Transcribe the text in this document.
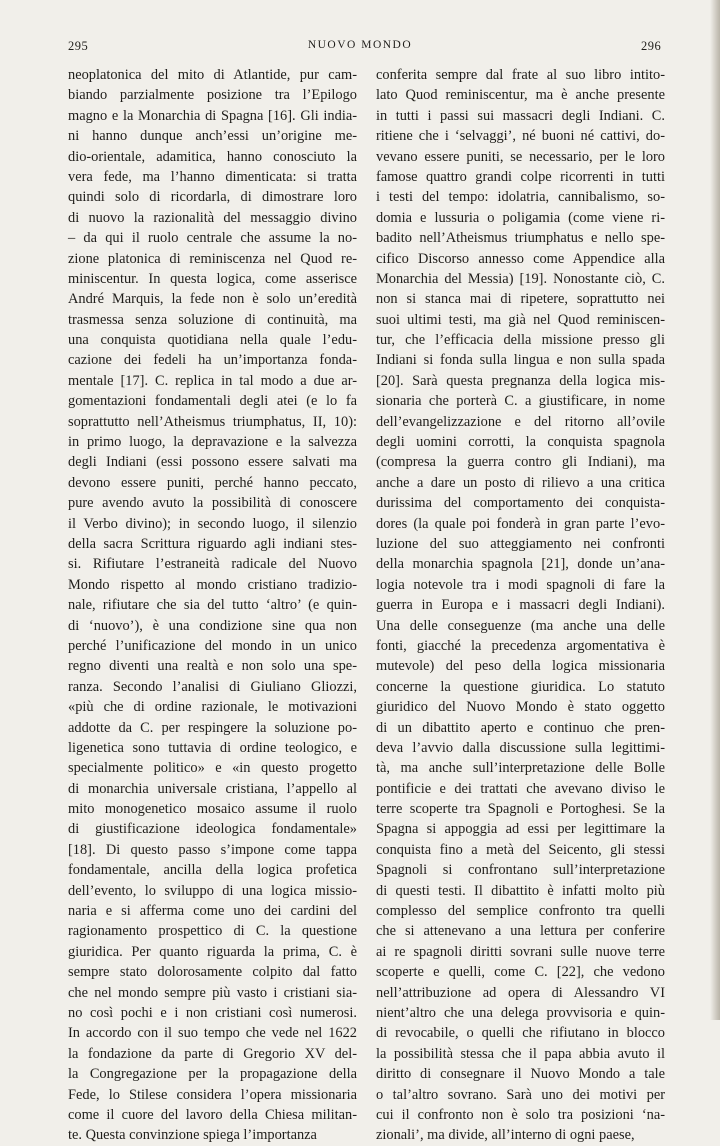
295	NUOVO MONDO	296
neoplatonica del mito di Atlantide, pur cam-
biando parzialmente posizione tra l’Epilogo
magno e la Monarchia di Spagna [16]. Gli india-
ni hanno dunque anch’essi un’origine me-
dio-orientale, adamitica, hanno conosciuto la
vera fede, ma l’hanno dimenticata: si tratta
quindi solo di ricordarla, di dimostrare loro
di nuovo la razionalità del messaggio divino
– da qui il ruolo centrale che assume la no-
zione platonica di reminiscenza nel Quod re-
miniscentur. In questa logica, come asserisce
André Marquis, la fede non è solo un’eredità
trasmessa senza soluzione di continuità, ma
una conquista quotidiana nella quale l’edu-
cazione dei fedeli ha un’importanza fonda-
mentale [17]. C. replica in tal modo a due ar-
gomentazioni fondamentali degli atei (e lo fa
soprattutto nell’Atheismus triumphatus, II, 10):
in primo luogo, la depravazione e la salvezza
degli Indiani (essi possono essere salvati ma
devono essere puniti, perché hanno peccato,
pure avendo avuto la possibilità di conoscere
il Verbo divino); in secondo luogo, il silenzio
della sacra Scrittura riguardo agli indiani stes-
si. Rifiutare l’estraneità radicale del Nuovo
Mondo rispetto al mondo cristiano tradizio-
nale, rifiutare che sia del tutto ‘altro’ (e quin-
di ‘nuovo’), è una condizione sine qua non
perché l’unificazione del mondo in un unico
regno diventi una realtà e non solo una spe-
ranza. Secondo l’analisi di Giuliano Gliozzi,
«più che di ordine razionale, le motivazioni
addotte da C. per respingere la soluzione po-
ligenetica sono tuttavia di ordine teologico, e
specialmente politico» e «in questo progetto
di monarchia universale cristiana, l’appello al
mito monogenetico mosaico assume il ruolo
di giustificazione ideologica fondamentale»
[18]. Di questo passo s’impone come tappa
fondamentale, ancilla della logica profetica
dell’evento, lo sviluppo di una logica missio-
naria e si afferma come uno dei cardini del
ragionamento prospettico di C. la questione
giuridica. Per quanto riguarda la prima, C. è
sempre stato dolorosamente colpito dal fatto
che nel mondo sempre più vasto i cristiani sia-
no così pochi e i non cristiani così numerosi.
In accordo con il suo tempo che vede nel 1622
la fondazione da parte di Gregorio XV del-
la Congregazione per la propagazione della
Fede, lo Stilese considera l’opera missionaria
come il cuore del lavoro della Chiesa militan-
te. Questa convinzione spiega l’importanza
conferita sempre dal frate al suo libro intito-
lato Quod reminiscentur, ma è anche presente
in tutti i passi sui massacri degli Indiani. C.
ritiene che i ‘selvaggi’, né buoni né cattivi, do-
vevano essere puniti, se necessario, per le loro
famose quattro grandi colpe ricorrenti in tutti
i testi del tempo: idolatria, cannibalismo, so-
domia e lussuria o poligamia (come viene ri-
badito nell’Atheismus triumphatus e nello spe-
cifico Discorso annesso come Appendice alla
Monarchia del Messia) [19]. Nonostante ciò, C.
non si stanca mai di ripetere, soprattutto nei
suoi ultimi testi, ma già nel Quod reminiscen-
tur, che l’efficacia della missione presso gli
Indiani si fonda sulla lingua e non sulla spada
[20]. Sarà questa pregnanza della logica mis-
sionaria che porterà C. a giustificare, in nome
dell’evangelizzazione e del ritorno all’ovile
degli uomini corrotti, la conquista spagnola
(compresa la guerra contro gli Indiani), ma
anche a dare un posto di rilievo a una critica
durissima del comportamento dei conquista-
dores (la quale poi fonderà in gran parte l’evo-
luzione del suo atteggiamento nei confronti
della monarchia spagnola [21], donde un’ana-
logia notevole tra i modi spagnoli di fare la
guerra in Europa e i massacri degli Indiani).
Una delle conseguenze (ma anche una delle
fonti, giacché la precedenza argomentativa è
mutevole) del peso della logica missionaria
concerne la questione giuridica. Lo statuto
giuridico del Nuovo Mondo è stato oggetto
di un dibattito aperto e continuo che pren-
deva l’avvio dalla discussione sulla legittimi-
tà, ma anche sull’interpretazione delle Bolle
pontificie e dei trattati che avevano diviso le
terre scoperte tra Spagnoli e Portoghesi. Se la
Spagna si appoggia ad essi per legittimare la
conquista fino a metà del Seicento, gli stessi
Spagnoli si confrontano sull’interpretazione
di questi testi. Il dibattito è infatti molto più
complesso del semplice confronto tra quelli
che si attenevano a una lettura per conferire
ai re spagnoli diritti sovrani sulle nuove terre
scoperte e quelli, come C. [22], che vedono
nell’attribuzione ad opera di Alessandro VI
nient’altro che una delega provvisoria e quin-
di revocabile, o quelli che rifiutano in blocco
la possibilità stessa che il papa abbia avuto il
diritto di consegnare il Nuovo Mondo a tale
o tal’altro sovrano. Sarà uno dei motivi per
cui il confronto non è solo tra posizioni ‘na-
zionali’, ma divide, all’interno di ogni paese,
